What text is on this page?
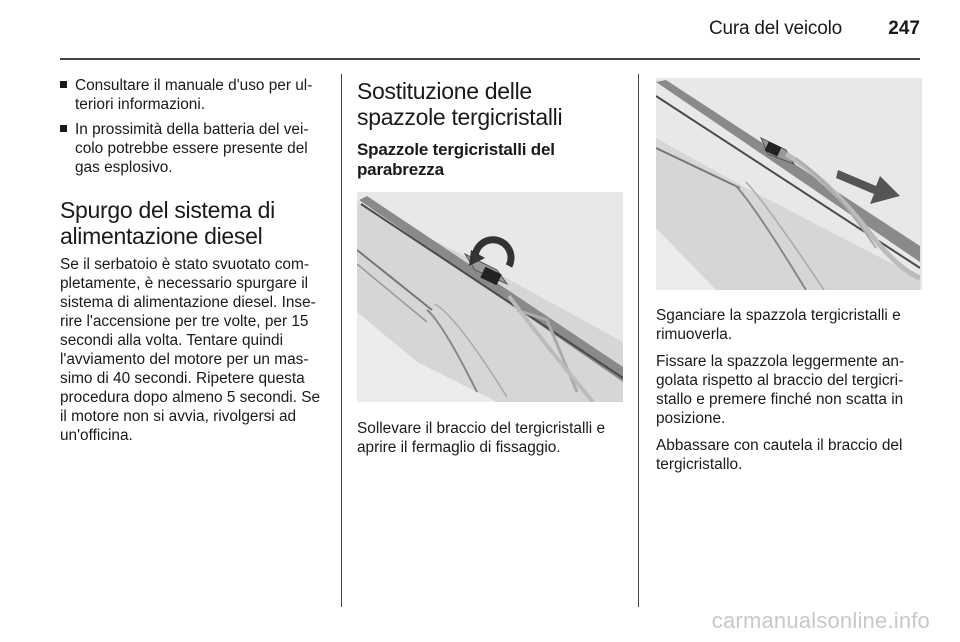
Cura del veicolo 247
Consultare il manuale d'uso per ul-teriori informazioni.
In prossimità della batteria del vei-colo potrebbe essere presente del gas esplosivo.
Spurgo del sistema di alimentazione diesel

Se il serbatoio è stato svuotato com-pletamente, è necessario spurgare il sistema di alimentazione diesel. Inse-rire l'accensione per tre volte, per 15 secondi alla volta. Tentare quindi l'avviamento del motore per un mas-simo di 40 secondi. Ripetere questa procedura dopo almeno 5 secondi. Se il motore non si avvia, rivolgersi ad un'officina.

Sostituzione delle spazzole tergicristalli
Spazzole tergicristalli del parabrezza

Sollevare il braccio del tergicristalli e aprire il fermaglio di fissaggio.

Sganciare la spazzola tergicristalli e rimuoverla.

Fissare la spazzola leggermente an-golata rispetto al braccio del tergicri-stallo e premere finché non scatta in posizione.

Abbassare con cautela il braccio del tergicristallo.

carmanualsonline.info
